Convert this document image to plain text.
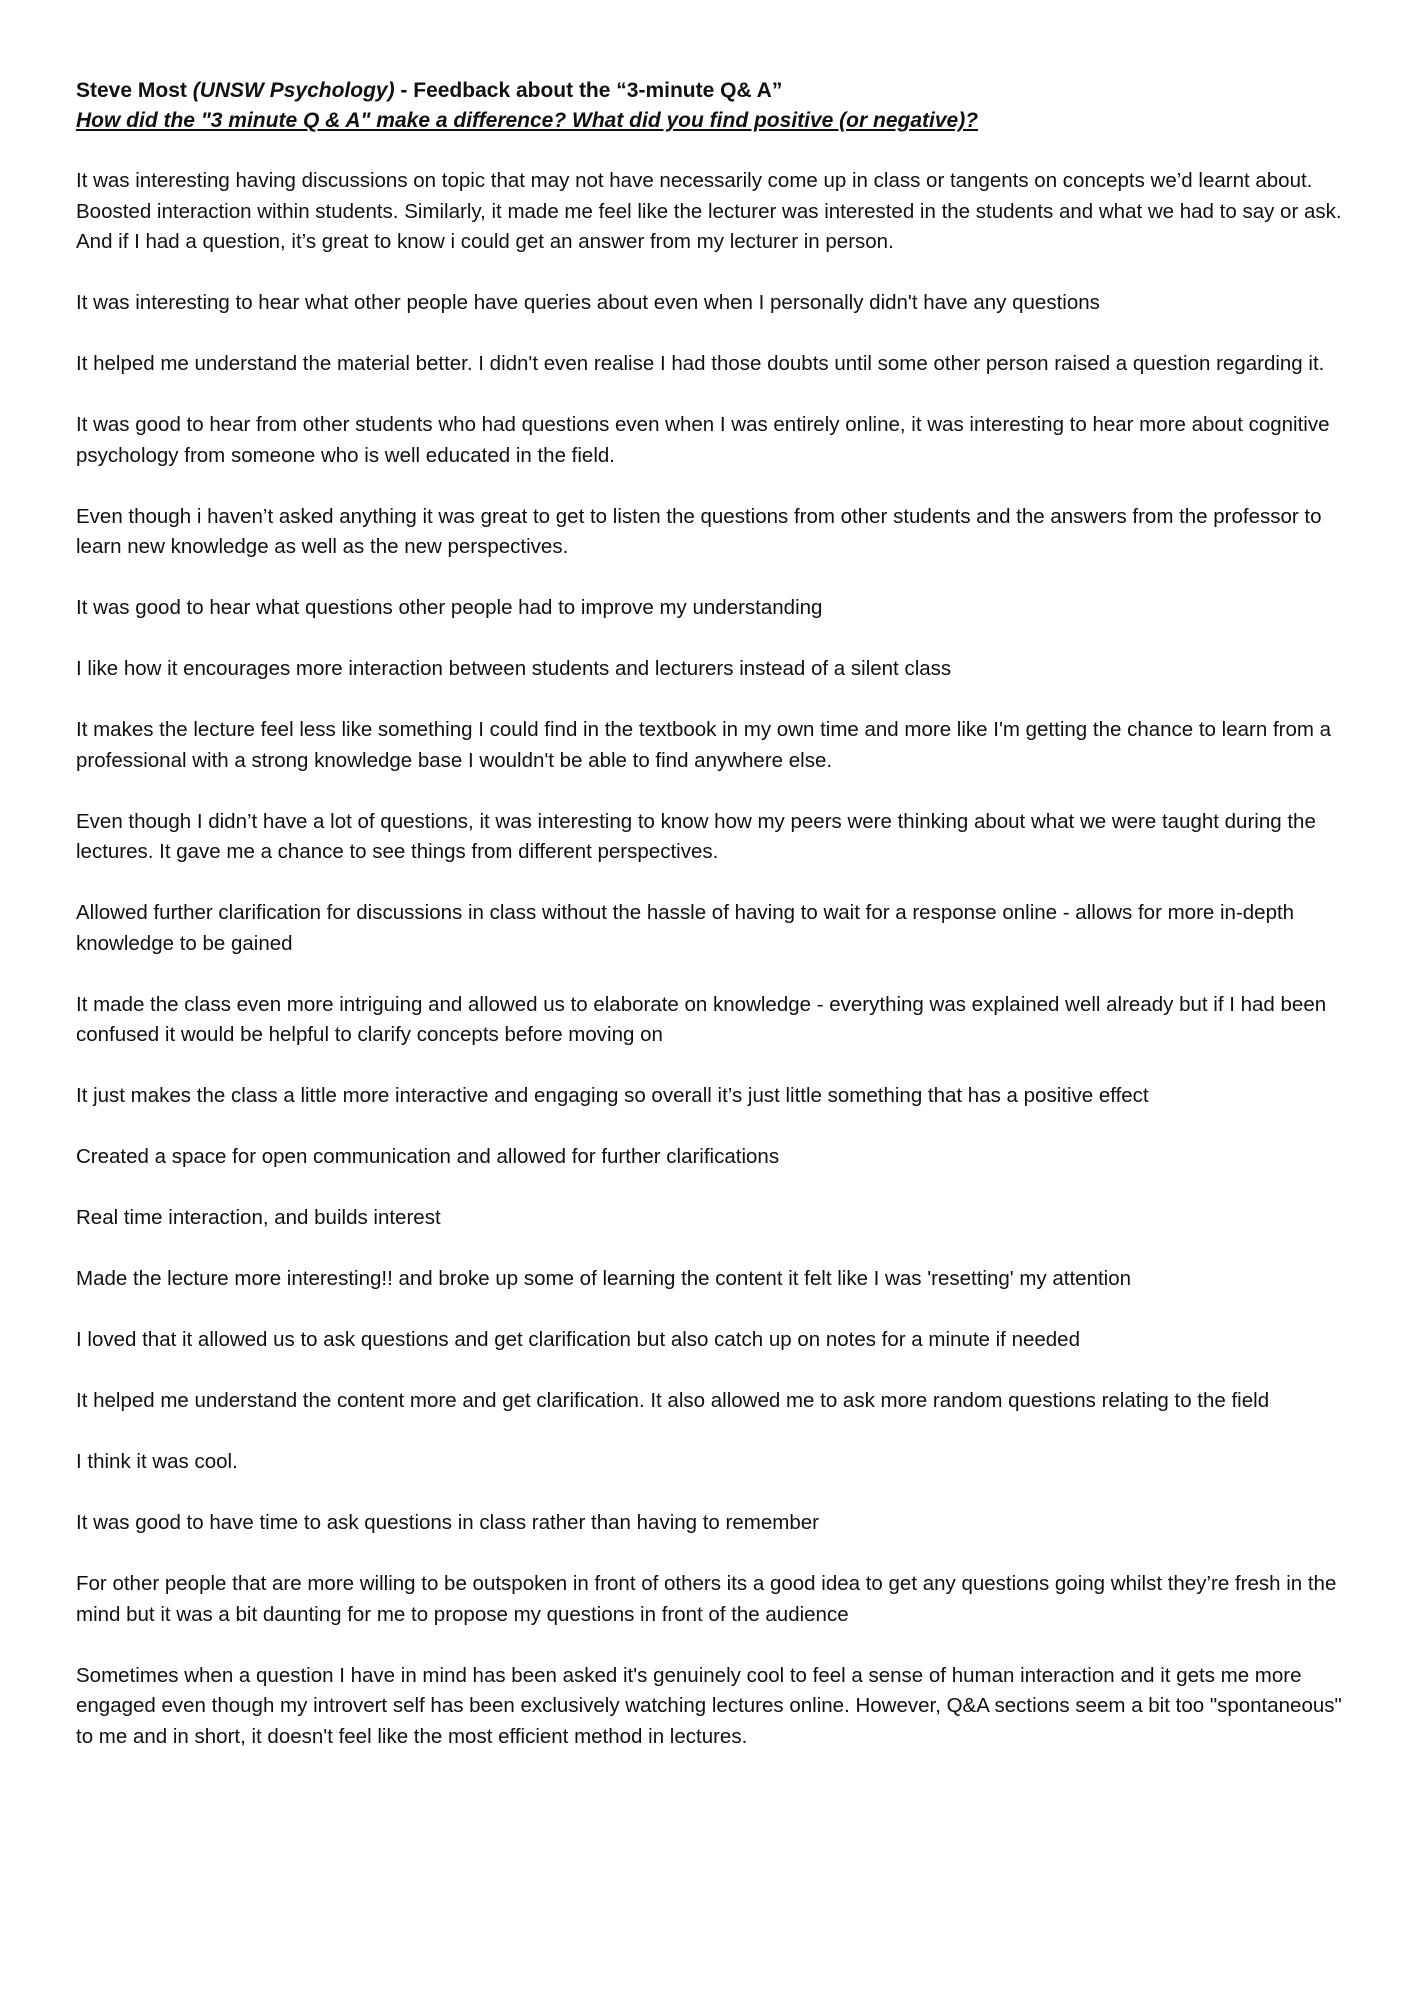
Steve Most (UNSW Psychology) - Feedback about the “3-minute Q& A”

How did the "3 minute Q & A" make a difference? What did you find positive (or negative)?

It was interesting having discussions on topic that may not have necessarily come up in class or tangents on concepts we’d learnt about. Boosted interaction within students. Similarly, it made me feel like the lecturer was interested in the students and what we had to say or ask. And if I had a question, it’s great to know i could get an answer from my lecturer in person.
It was interesting to hear what other people have queries about even when I personally didn't have any questions
It helped me understand the material better. I didn't even realise I had those doubts until some other person raised a question regarding it.
It was good to hear from other students who had questions even when I was entirely online, it was interesting to hear more about cognitive psychology from someone who is well educated in the field.
Even though i haven’t asked anything it was great to get to listen the questions from other students and the answers from the professor to learn new knowledge as well as the new perspectives.
It was good to hear what questions other people had to improve my understanding
I like how it encourages more interaction between students and lecturers instead of a silent class
It makes the lecture feel less like something I could find in the textbook in my own time and more like I'm getting the chance to learn from a professional with a strong knowledge base I wouldn't be able to find anywhere else.
Even though I didn’t have a lot of questions, it was interesting to know how my peers were thinking about what we were taught during the lectures. It gave me a chance to see things from different perspectives.
Allowed further clarification for discussions in class without the hassle of having to wait for a response online - allows for more in-depth knowledge to be gained
It made the class even more intriguing and allowed us to elaborate on knowledge - everything was explained well already but if I had been confused it would be helpful to clarify concepts before moving on
It just makes the class a little more interactive and engaging so overall it’s just little something that has a positive effect
Created a space for open communication and allowed for further clarifications
Real time interaction, and builds interest
Made the lecture more interesting!! and broke up some of learning the content it felt like I was 'resetting' my attention
I loved that it allowed us to ask questions and get clarification but also catch up on notes for a minute if needed
It helped me understand the content more and get clarification. It also allowed me to ask more random questions relating to the field
I think it was cool.
It was good to have time to ask questions in class rather than having to remember
For other people that are more willing to be outspoken in front of others its a good idea to get any questions going whilst they’re fresh in the mind but it was a bit daunting for me to propose my questions in front of the audience
Sometimes when a question I have in mind has been asked it's genuinely cool to feel a sense of human interaction and it gets me more engaged even though my introvert self has been exclusively watching lectures online. However, Q&A sections seem a bit too "spontaneous" to me and in short, it doesn't feel like the most efficient method in lectures.
